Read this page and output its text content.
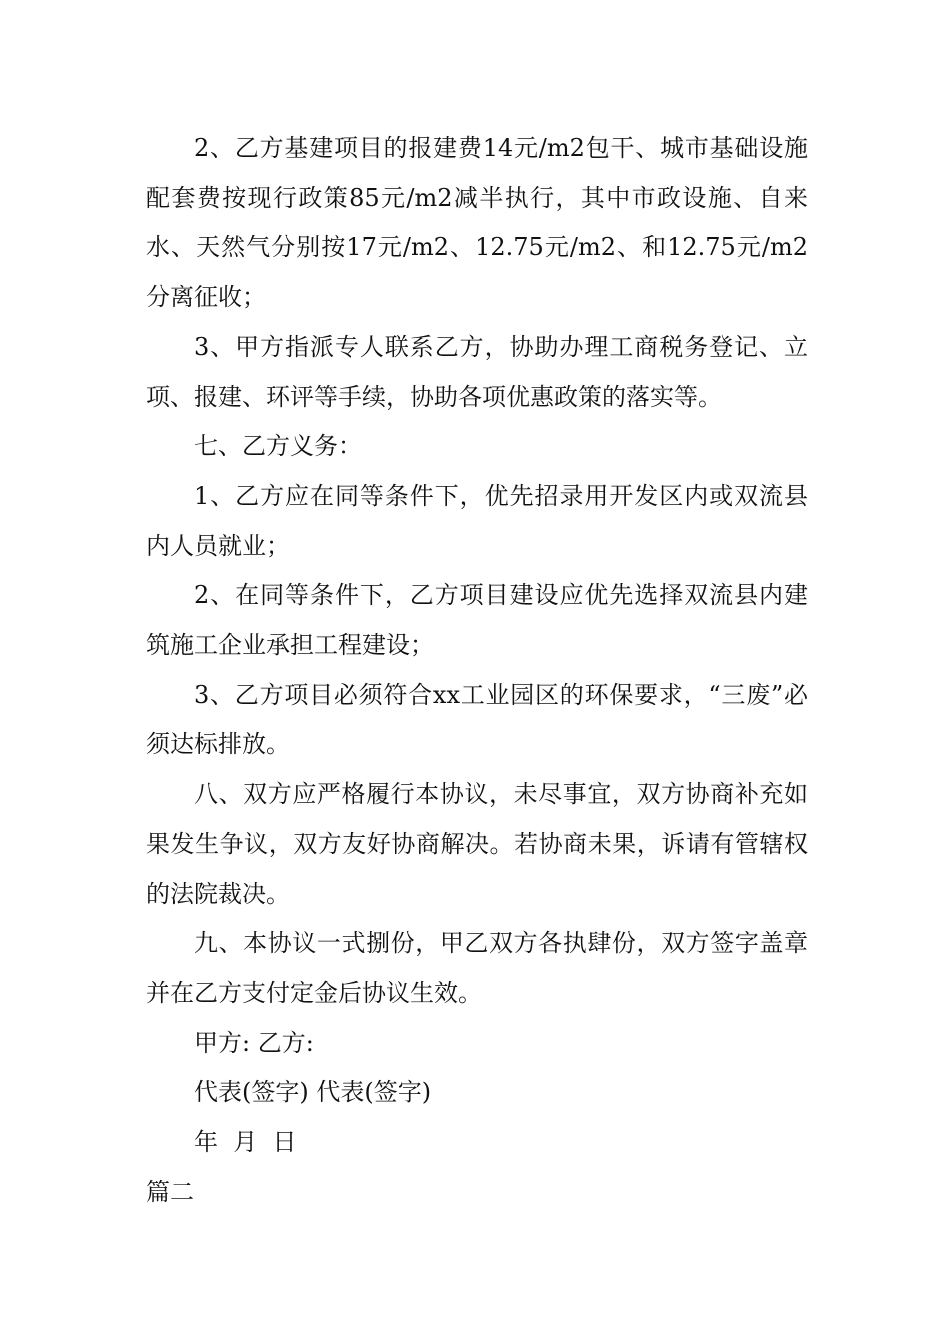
2、乙方基建项目的报建费14元/m2包干、城市基础设施配套费按现行政策85元/m2减半执行，其中市政设施、自来水、天然气分别按17元/m2、12.75元/m2、和12.75元/m2分离征收；

3、甲方指派专人联系乙方，协助办理工商税务登记、立项、报建、环评等手续，协助各项优惠政策的落实等。

七、乙方义务：

1、乙方应在同等条件下，优先招录用开发区内或双流县内人员就业；

2、在同等条件下，乙方项目建设应优先选择双流县内建筑施工企业承担工程建设；

3、乙方项目必须符合xx工业园区的环保要求，“三废”必须达标排放。

八、双方应严格履行本协议，未尽事宜，双方协商补充如果发生争议，双方友好协商解决。若协商未果，诉请有管辖权的法院裁决。

九、本协议一式捌份，甲乙双方各执肆份，双方签字盖章并在乙方支付定金后协议生效。

甲方: 乙方:

代表(签字) 代表(签字)

年  月  日

篇二
